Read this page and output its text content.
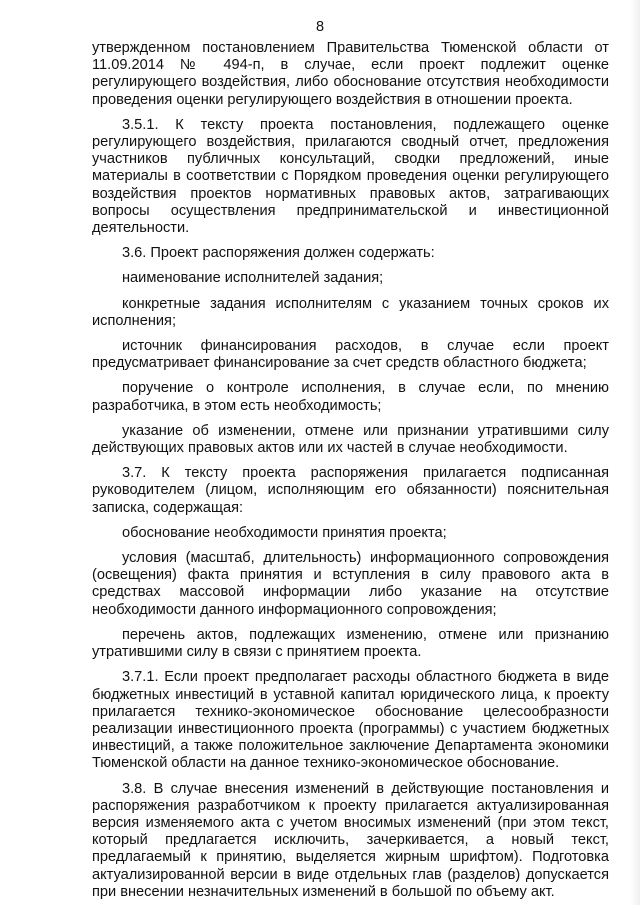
8

утвержденном постановлением Правительства Тюменской области от 11.09.2014 № 494-п, в случае, если проект подлежит оценке регулирующего воздействия, либо обоснование отсутствия необходимости проведения оценки регулирующего воздействия в отношении проекта.

3.5.1. К тексту проекта постановления, подлежащего оценке регулирующего воздействия, прилагаются сводный отчет, предложения участников публичных консультаций, сводки предложений, иные материалы в соответствии с Порядком проведения оценки регулирующего воздействия проектов нормативных правовых актов, затрагивающих вопросы осуществления предпринимательской и инвестиционной деятельности.

3.6. Проект распоряжения должен содержать:

наименование исполнителей задания;

конкретные задания исполнителям с указанием точных сроков их исполнения;

источник финансирования расходов, в случае если проект предусматривает финансирование за счет средств областного бюджета;

поручение о контроле исполнения, в случае если, по мнению разработчика, в этом есть необходимость;

указание об изменении, отмене или признании утратившими силу действующих правовых актов или их частей в случае необходимости.

3.7. К тексту проекта распоряжения прилагается подписанная руководителем (лицом, исполняющим его обязанности) пояснительная записка, содержащая:

обоснование необходимости принятия проекта;

условия (масштаб, длительность) информационного сопровождения (освещения) факта принятия и вступления в силу правового акта в средствах массовой информации либо указание на отсутствие необходимости данного информационного сопровождения;

перечень актов, подлежащих изменению, отмене или признанию утратившими силу в связи с принятием проекта.

3.7.1. Если проект предполагает расходы областного бюджета в виде бюджетных инвестиций в уставной капитал юридического лица, к проекту прилагается технико-экономическое обоснование целесообразности реализации инвестиционного проекта (программы) с участием бюджетных инвестиций, а также положительное заключение Департамента экономики Тюменской области на данное технико-экономическое обоснование.

3.8. В случае внесения изменений в действующие постановления и распоряжения разработчиком к проекту прилагается актуализированная версия изменяемого акта с учетом вносимых изменений (при этом текст, который предлагается исключить, зачеркивается, а новый текст, предлагаемый к принятию, выделяется жирным шрифтом). Подготовка актуализированной версии в виде отдельных глав (разделов) допускается при внесении незначительных изменений в большой по объему акт.
